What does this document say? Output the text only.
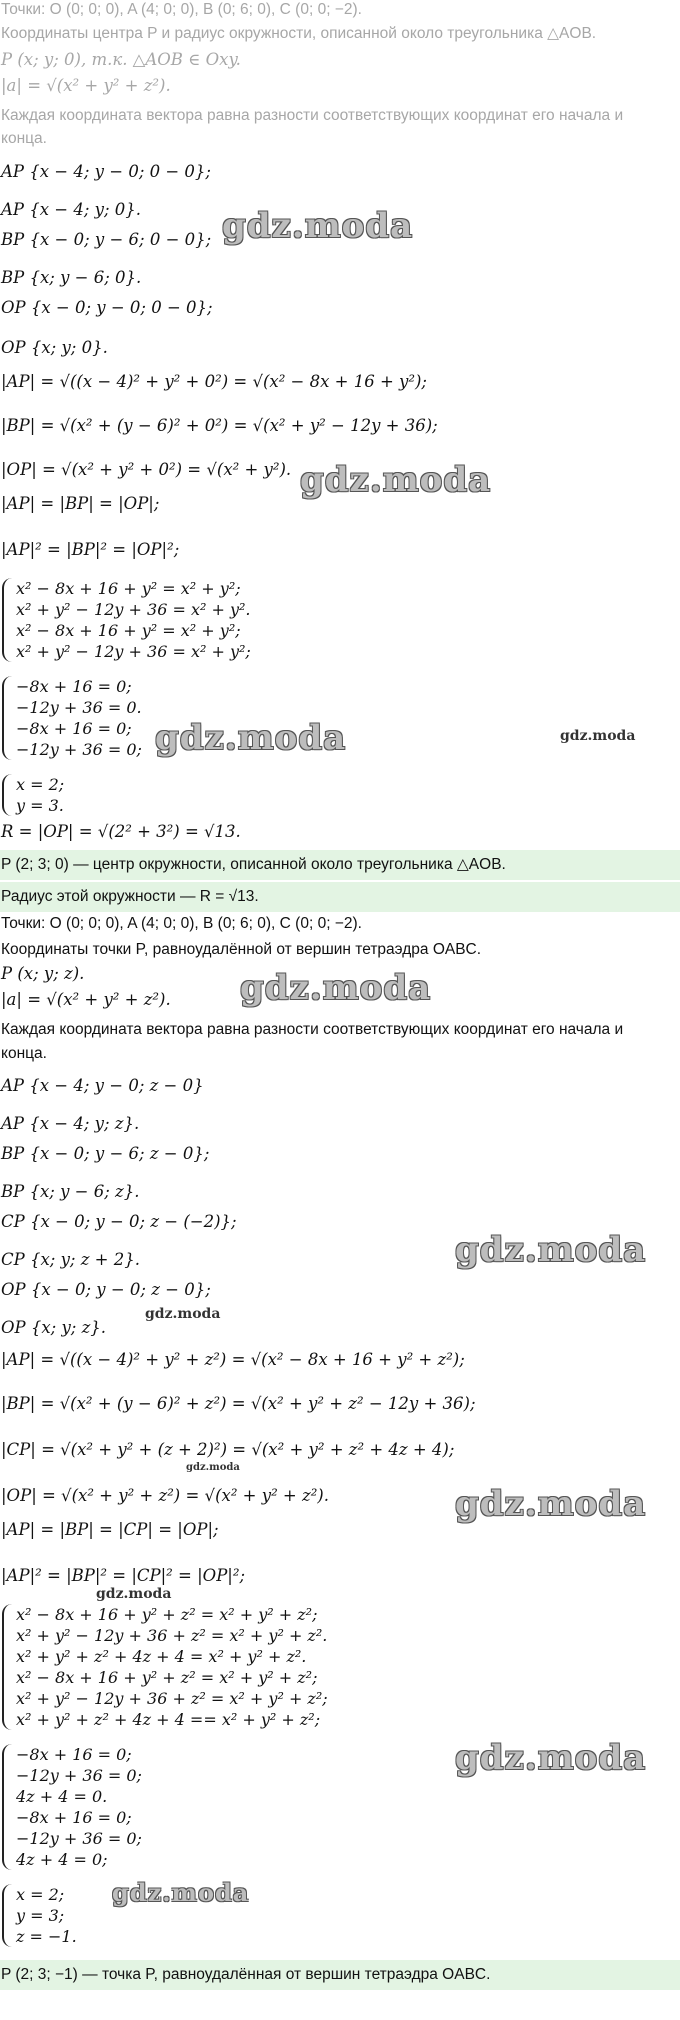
Точки: O (0; 0; 0), A (4; 0; 0), B (0; 6; 0), C (0; 0; −2).
Координаты центра P и радиус окружности, описанной около треугольника △AOB.
P (x; y; 0), т.к. △AOB ∈ Oxy.
|a| = √(x² + y² + z²).
Каждая координата вектора равна разности соответствующих координат его начала и конца.
AP {x − 4; y − 0; 0 − 0};
AP {x − 4; y; 0}.
BP {x − 0; y − 6; 0 − 0};
BP {x; y − 6; 0}.
OP {x − 0; y − 0; 0 − 0};
OP {x; y; 0}.
|AP| = √((x − 4)² + y² + 0²) = √(x² − 8x + 16 + y²);
|BP| = √(x² + (y − 6)² + 0²) = √(x² + y² − 12y + 36);
|OP| = √(x² + y² + 0²) = √(x² + y²).
|AP| = |BP| = |OP|;
|AP|² = |BP|² = |OP|²;
x² − 8x + 16 + y² = x² + y²;
x² + y² − 12y + 36 = x² + y².
x² − 8x + 16 + y² = x² + y²;
x² + y² − 12y + 36 = x² + y²;
−8x + 16 = 0;
−12y + 36 = 0.
−8x + 16 = 0;
−12y + 36 = 0;
x = 2;
y = 3.
R = |OP| = √(2² + 3²) = √13.
P (2; 3; 0) — центр окружности, описанной около треугольника △AOB.
Радиус этой окружности — R = √13.
Точки: O (0; 0; 0), A (4; 0; 0), B (0; 6; 0), C (0; 0; −2).
Координаты точки P, равноудалённой от вершин тетраэдра OABC.
P (x; y; z).
|a| = √(x² + y² + z²).
Каждая координата вектора равна разности соответствующих координат его начала и
конца.
AP {x − 4; y − 0; z − 0}
AP {x − 4; y; z}.
BP {x − 0; y − 6; z − 0};
BP {x; y − 6; z}.
CP {x − 0; y − 0; z − (−2)};
CP {x; y; z + 2}.
OP {x − 0; y − 0; z − 0};
OP {x; y; z}.
|AP| = √((x − 4)² + y² + z²) = √(x² − 8x + 16 + y² + z²);
|BP| = √(x² + (y − 6)² + z²) = √(x² + y² + z² − 12y + 36);
|CP| = √(x² + y² + (z + 2)²) = √(x² + y² + z² + 4z + 4);
|OP| = √(x² + y² + z²) = √(x² + y² + z²).
|AP| = |BP| = |CP| = |OP|;
|AP|² = |BP|² = |CP|² = |OP|²;
x² − 8x + 16 + y² + z² = x² + y² + z²;
x² + y² − 12y + 36 + z² = x² + y² + z².
x² + y² + z² + 4z + 4 = x² + y² + z².
x² − 8x + 16 + y² + z² = x² + y² + z²;
x² + y² − 12y + 36 + z² = x² + y² + z²;
x² + y² + z² + 4z + 4 == x² + y² + z²;
−8x + 16 = 0;
−12y + 36 = 0;
4z + 4 = 0.
−8x + 16 = 0;
−12y + 36 = 0;
4z + 4 = 0;
x = 2;
y = 3;
z = −1.
P (2; 3; −1) — точка P, равноудалённая от вершин тетраэдра OABC.
gdz.moda
gdz.moda
gdz.moda	gdz.moda
gdz.moda
gdz.moda
gdz.moda
gdz.moda
gdz.moda
gdz.moda
gdz.moda
gdz.moda
